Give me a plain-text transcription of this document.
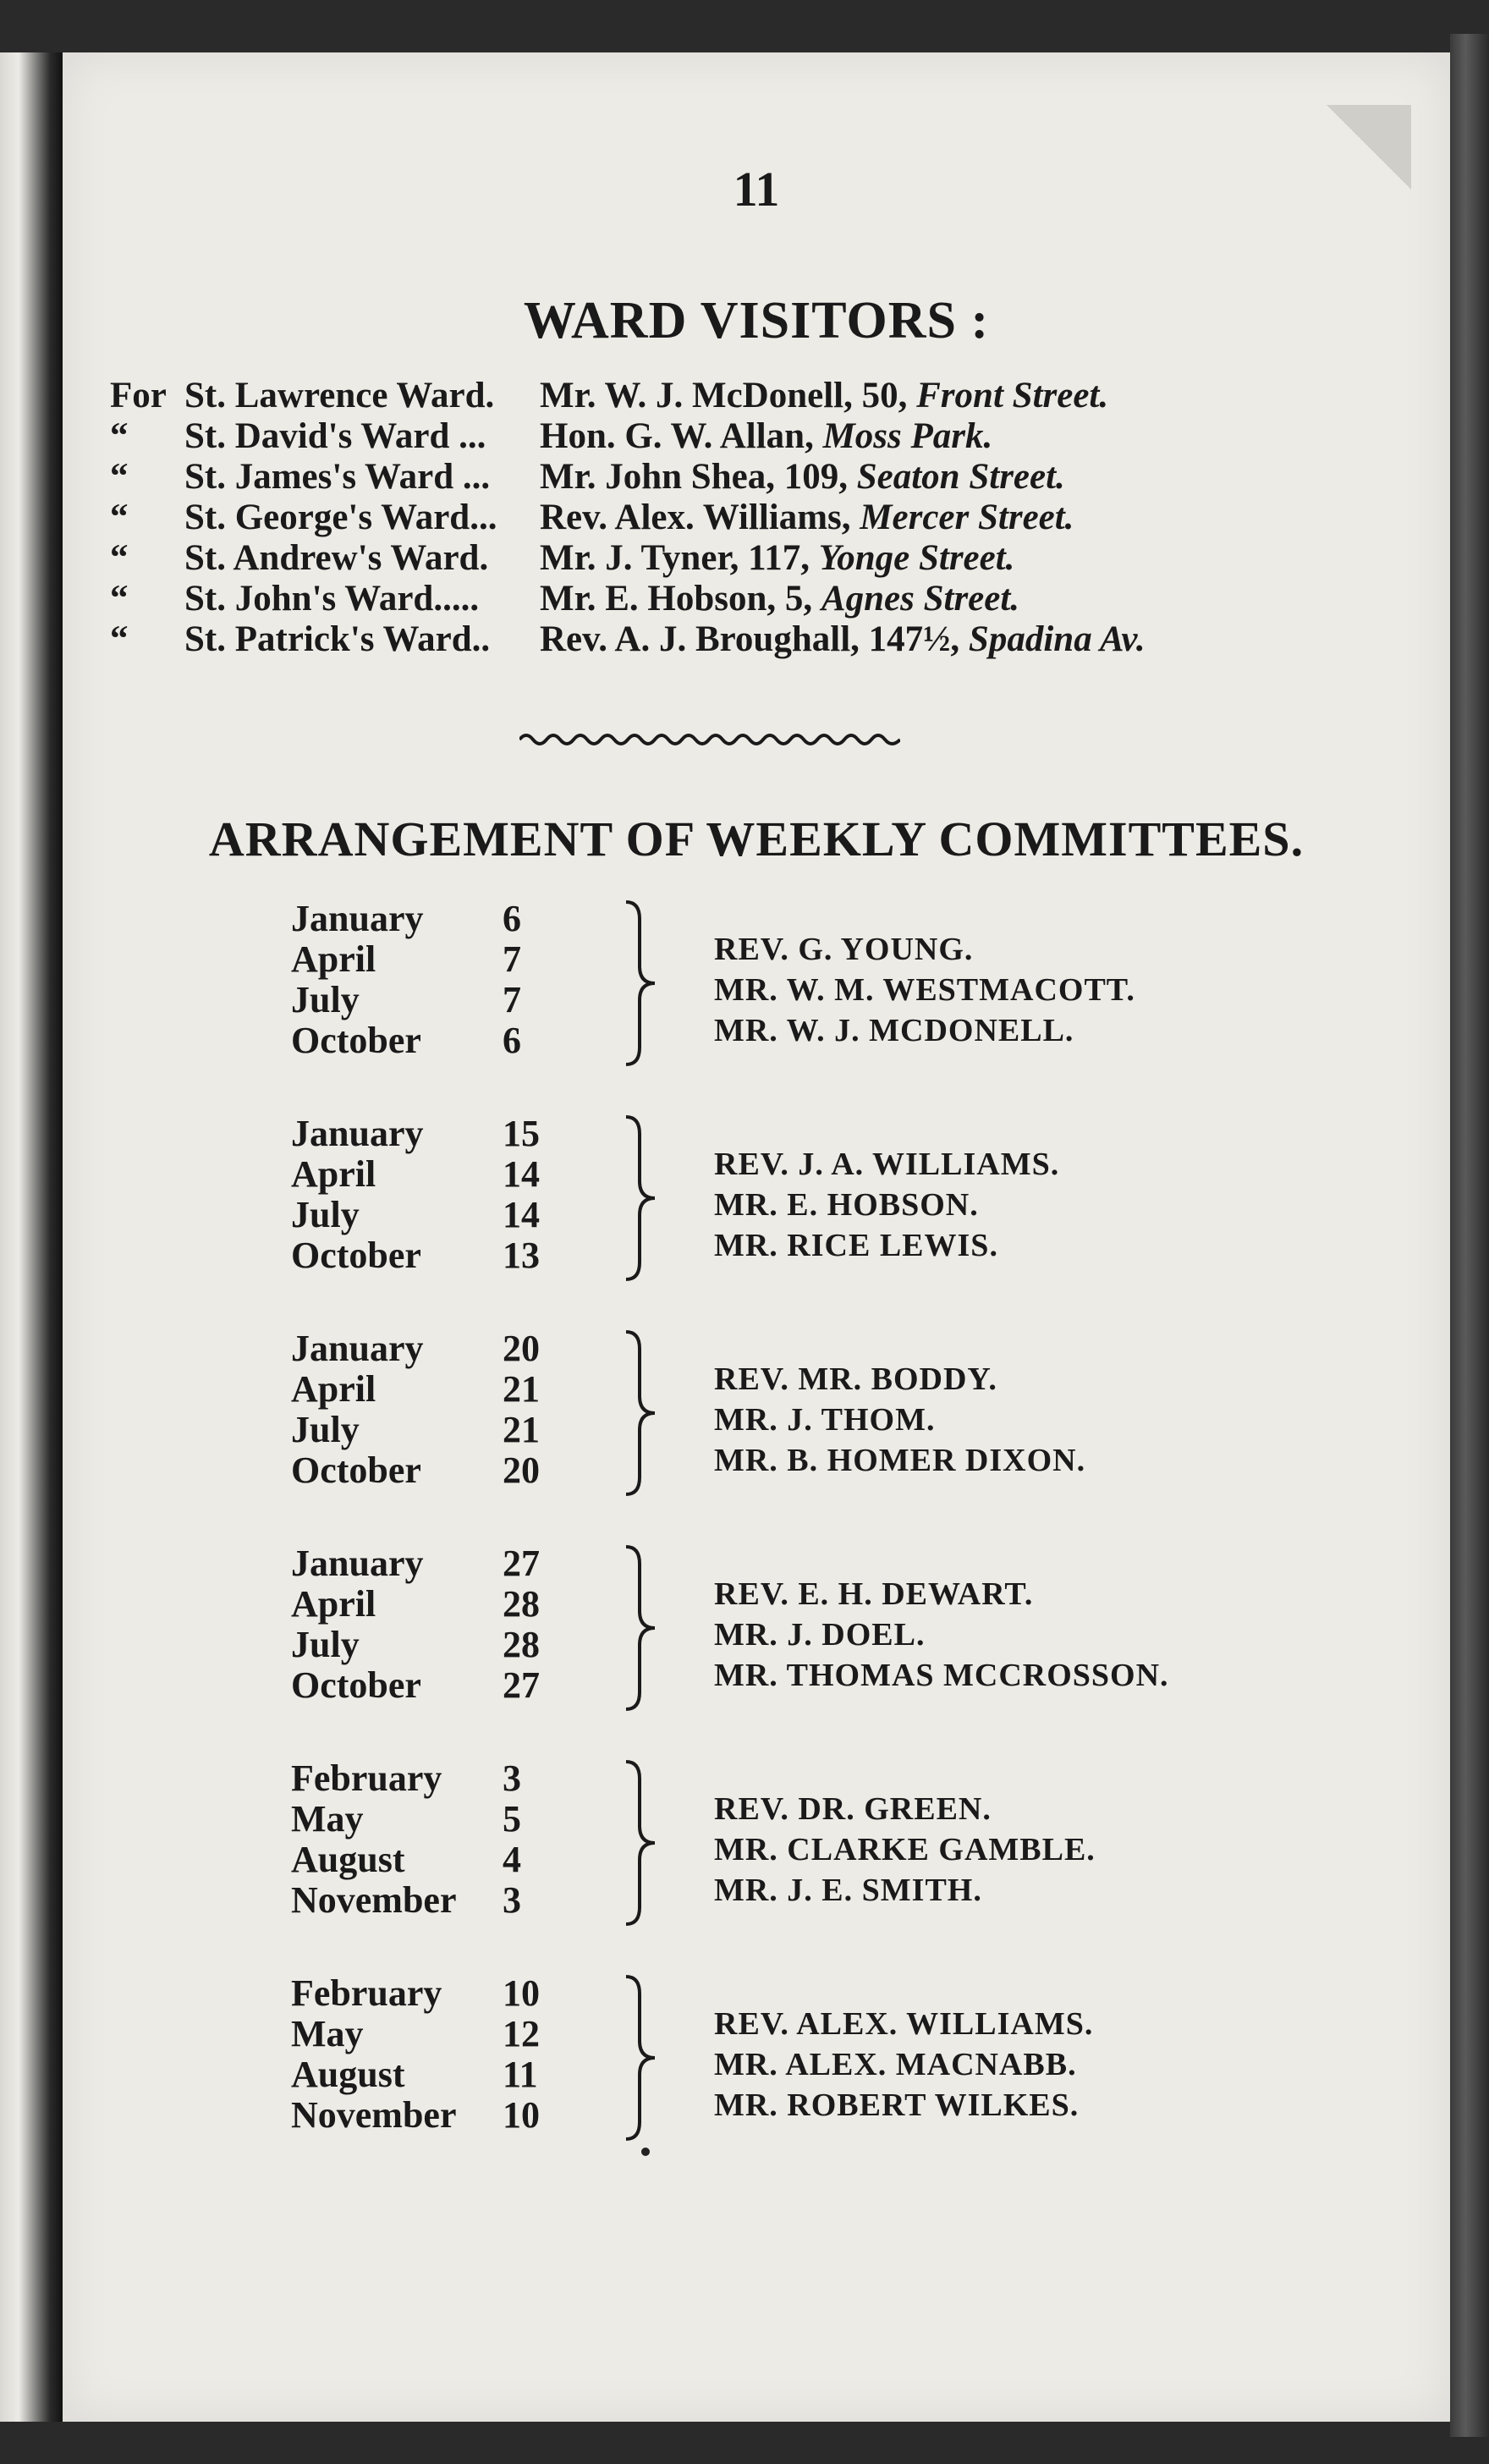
11
WARD VISITORS :
For St. Lawrence Ward. Mr. W. J. McDonell, 50, Front Street.
“ St. David's Ward ... Hon. G. W. Allan, Moss Park.
“ St. James's Ward ... Mr. John Shea, 109, Seaton Street.
“ St. George's Ward... Rev. Alex. Williams, Mercer Street.
“ St. Andrew's Ward. Mr. J. Tyner, 117, Yonge Street.
“ St. John's Ward..... Mr. E. Hobson, 5, Agnes Street.
“ St. Patrick's Ward.. Rev. A. J. Broughall, 147½, Spadina Av.
ARRANGEMENT OF WEEKLY COMMITTEES.
January 6
April	7
July	7
October 6
REV. G. YOUNG.
MR. W. M. WESTMACOTT.
MR. W. J. MCDONELL.
January 15
April	14
July	14
October 13
REV. J. A. WILLIAMS.
MR. E. HOBSON.
MR. RICE LEWIS.
January 20
April	21
July	21
October 20
REV. MR. BODDY.
MR. J. THOM.
MR. B. HOMER DIXON.
January 27
April	28
July	28
October 27
REV. E. H. DEWART.
MR. J. DOEL.
MR. THOMAS MCCROSSON.
February 3
May	5
August	4
November 3
REV. DR. GREEN.
MR. CLARKE GAMBLE.
MR. J. E. SMITH.
February 10
May	12
August	11
November 10
REV. ALEX. WILLIAMS.
MR. ALEX. MACNABB.
MR. ROBERT WILKES.
